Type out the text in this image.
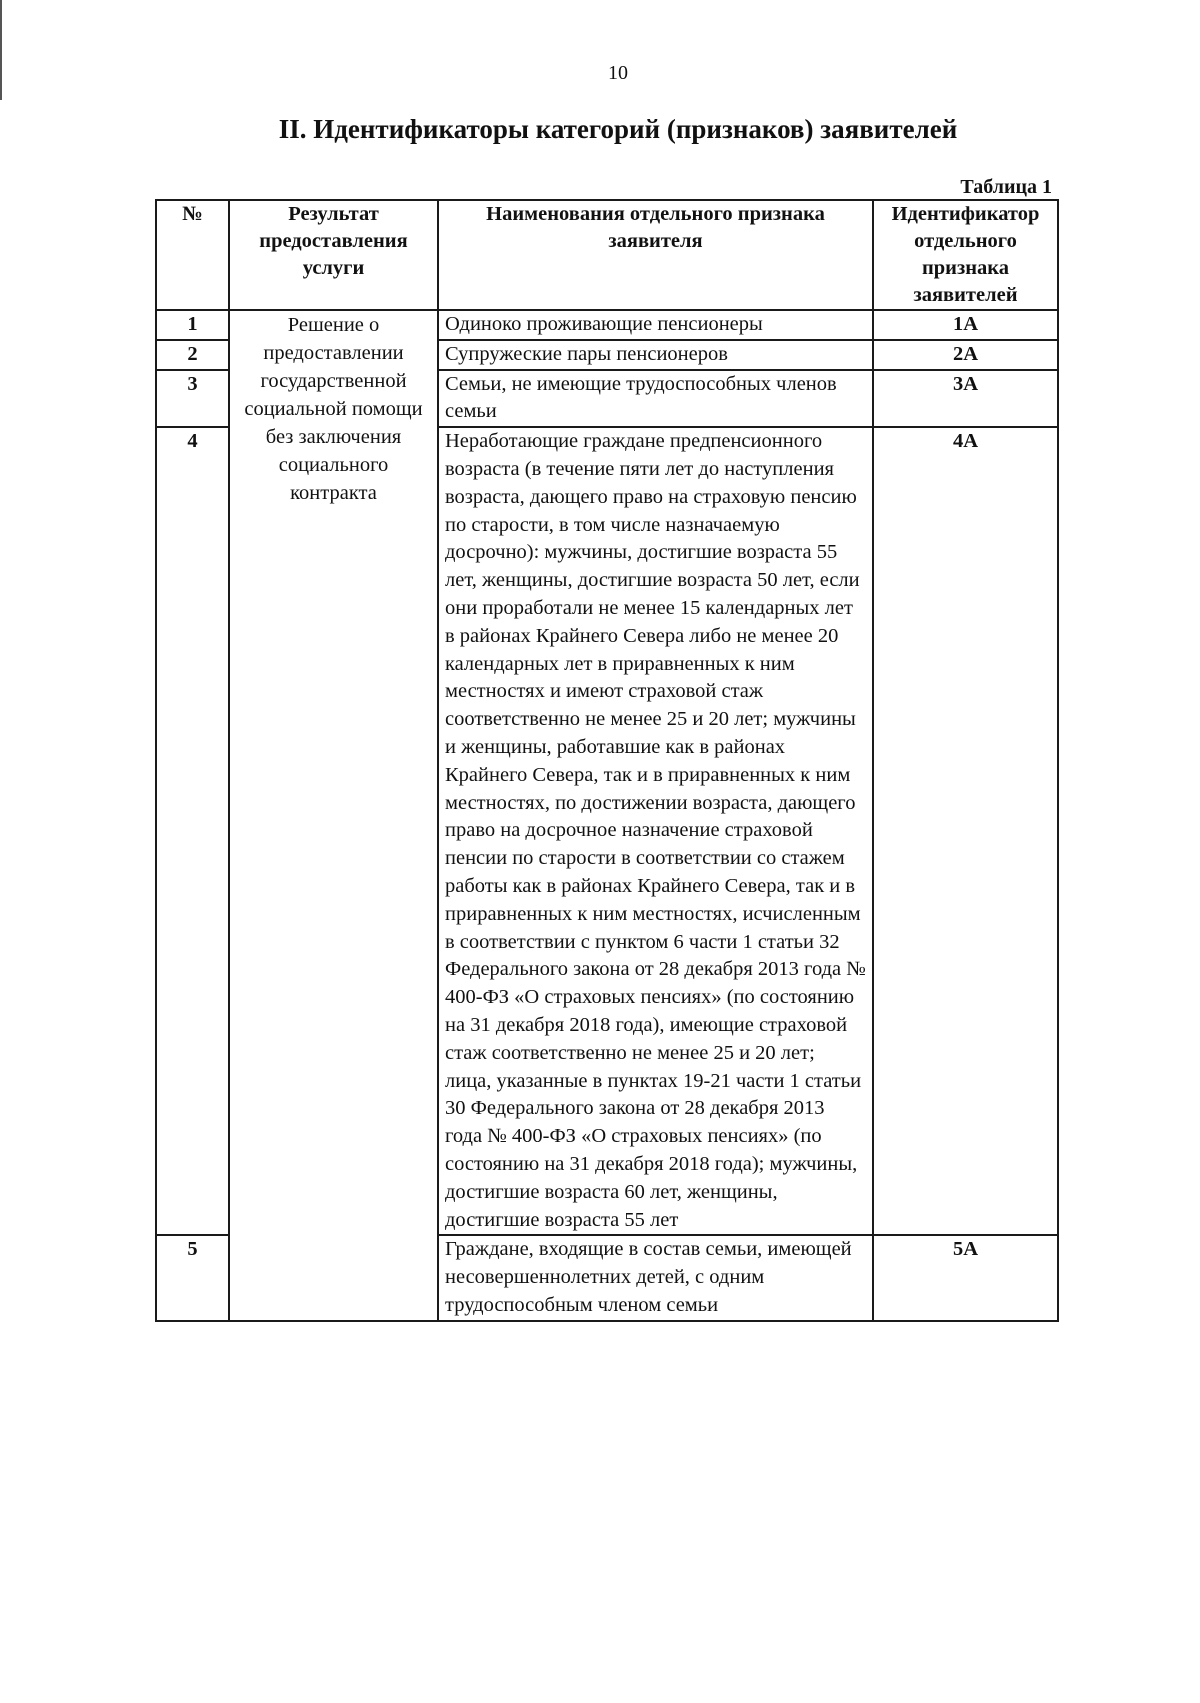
10
II. Идентификаторы категорий (признаков) заявителей
Таблица 1
№	Результат предоставления услуги	Наименования отдельного признака заявителя	Идентификатор отдельного признака заявителей
1	Решение о предоставлении государственной социальной помощи без заключения социального контракта	Одиноко проживающие пенсионеры	1А
2		Супружеские пары пенсионеров	2А
3		Семьи, не имеющие трудоспособных членов семьи	3А
4		Неработающие граждане предпенсионного возраста (в течение пяти лет до наступления возраста, дающего право на страховую пенсию по старости, в том числе назначаемую досрочно): мужчины, достигшие возраста 55 лет, женщины, достигшие возраста 50 лет, если они проработали не менее 15 календарных лет в районах Крайнего Севера либо не менее 20 календарных лет в приравненных к ним местностях и имеют страховой стаж соответственно не менее 25 и 20 лет; мужчины и женщины, работавшие как в районах Крайнего Севера, так и в приравненных к ним местностях, по достижении возраста, дающего право на досрочное назначение страховой пенсии по старости в соответствии со стажем работы как в районах Крайнего Севера, так и в приравненных к ним местностях, исчисленным в соответствии с пунктом 6 части 1 статьи 32 Федерального закона от 28 декабря 2013 года № 400-ФЗ «О страховых пенсиях» (по состоянию на 31 декабря 2018 года), имеющие страховой стаж соответственно не менее 25 и 20 лет; лица, указанные в пунктах 19-21 части 1 статьи 30 Федерального закона от 28 декабря 2013 года № 400-ФЗ «О страховых пенсиях» (по состоянию на 31 декабря 2018 года); мужчины, достигшие возраста 60 лет, женщины, достигшие возраста 55 лет	4А
5		Граждане, входящие в состав семьи, имеющей несовершеннолетних детей, с одним трудоспособным членом семьи	5А
